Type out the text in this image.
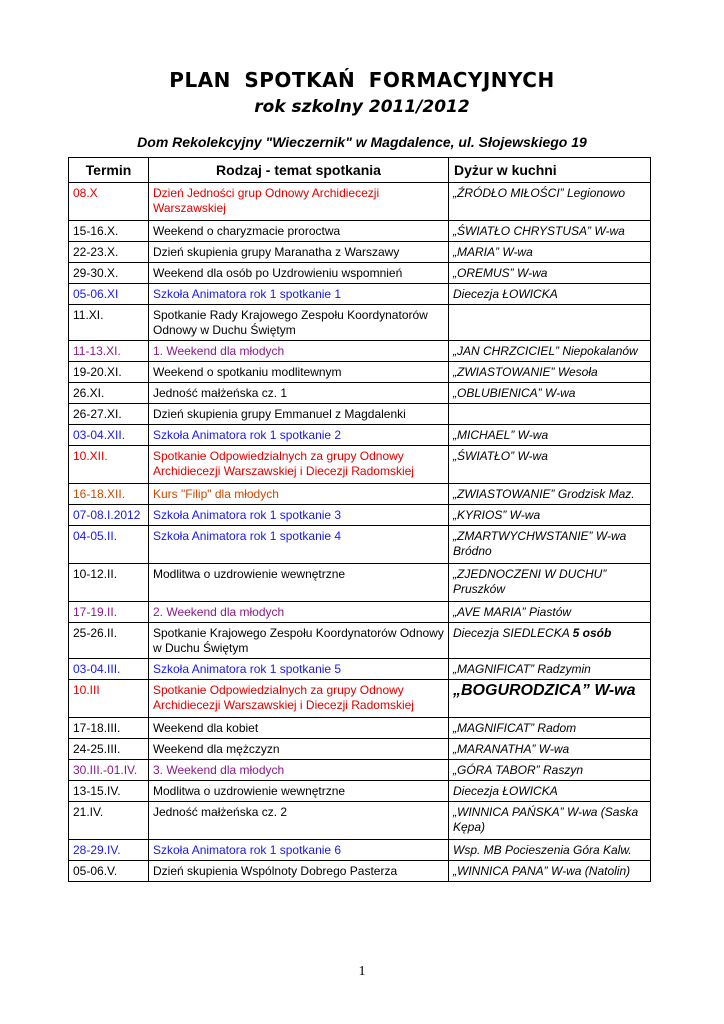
PLAN SPOTKAŃ FORMACYJNYCH
rok szkolny 2011/2012
Dom Rekolekcyjny "Wieczernik" w Magdalence, ul. Słojewskiego 19
Termin	Rodzaj - temat spotkania	Dyżur w kuchni
08.X	Dzień Jedności grup Odnowy Archidiecezji Warszawskiej	„ŹRÓDŁO MIŁOŚCI” Legionowo
15-16.X.	Weekend o charyzmacie proroctwa	„ŚWIATŁO CHRYSTUSA” W-wa
22-23.X.	Dzień skupienia grupy Maranatha z Warszawy	„MARIA” W-wa
29-30.X.	Weekend dla osób po Uzdrowieniu wspomnień	„OREMUS” W-wa
05-06.XI	Szkoła Animatora rok 1 spotkanie 1	Diecezja ŁOWICKA
11.XI.	Spotkanie Rady Krajowego Zespołu Koordynatorów Odnowy w Duchu Świętym	
11-13.XI.	1. Weekend dla młodych	„JAN CHRZCICIEL” Niepokalanów
19-20.XI.	Weekend o spotkaniu modlitewnym	„ZWIASTOWANIE” Wesoła
26.XI.	Jedność małżeńska cz. 1	„OBLUBIENICA” W-wa
26-27.XI.	Dzień skupienia grupy Emmanuel z Magdalenki	
03-04.XII.	Szkoła Animatora rok 1 spotkanie 2	„MICHAEL” W-wa
10.XII.	Spotkanie Odpowiedzialnych za grupy Odnowy Archidiecezji Warszawskiej i Diecezji Radomskiej	„ŚWIATŁO” W-wa
16-18.XII.	Kurs "Filip" dla młodych	„ZWIASTOWANIE” Grodzisk Maz.
07-08.I.2012	Szkoła Animatora rok 1 spotkanie 3	„KYRIOS” W-wa
04-05.II.	Szkoła Animatora rok 1 spotkanie 4	„ZMARTWYCHWSTANIE” W-wa Bródno
10-12.II.	Modlitwa o uzdrowienie wewnętrzne	„ZJEDNOCZENI W DUCHU” Pruszków
17-19.II.	2. Weekend dla młodych	„AVE MARIA” Piastów
25-26.II.	Spotkanie Krajowego Zespołu Koordynatorów Odnowy w Duchu Świętym	Diecezja SIEDLECKA 5 osób
03-04.III.	Szkoła Animatora rok 1 spotkanie 5	„MAGNIFICAT” Radzymin
10.III	Spotkanie Odpowiedzialnych za grupy Odnowy Archidiecezji Warszawskiej i Diecezji Radomskiej	„BOGURODZICA” W-wa
17-18.III.	Weekend dla kobiet	„MAGNIFICAT” Radom
24-25.III.	Weekend dla mężczyzn	„MARANATHA” W-wa
30.III.-01.IV.	3. Weekend dla młodych	„GÓRA TABOR” Raszyn
13-15.IV.	Modlitwa o uzdrowienie wewnętrzne	Diecezja ŁOWICKA
21.IV.	Jedność małżeńska cz. 2	„WINNICA PAŃSKA” W-wa (Saska Kępa)
28-29.IV.	Szkoła Animatora rok 1 spotkanie 6	Wsp. MB Pocieszenia Góra Kalw.
05-06.V.	Dzień skupienia Wspólnoty Dobrego Pasterza	„WINNICA PANA” W-wa (Natolin)
1
